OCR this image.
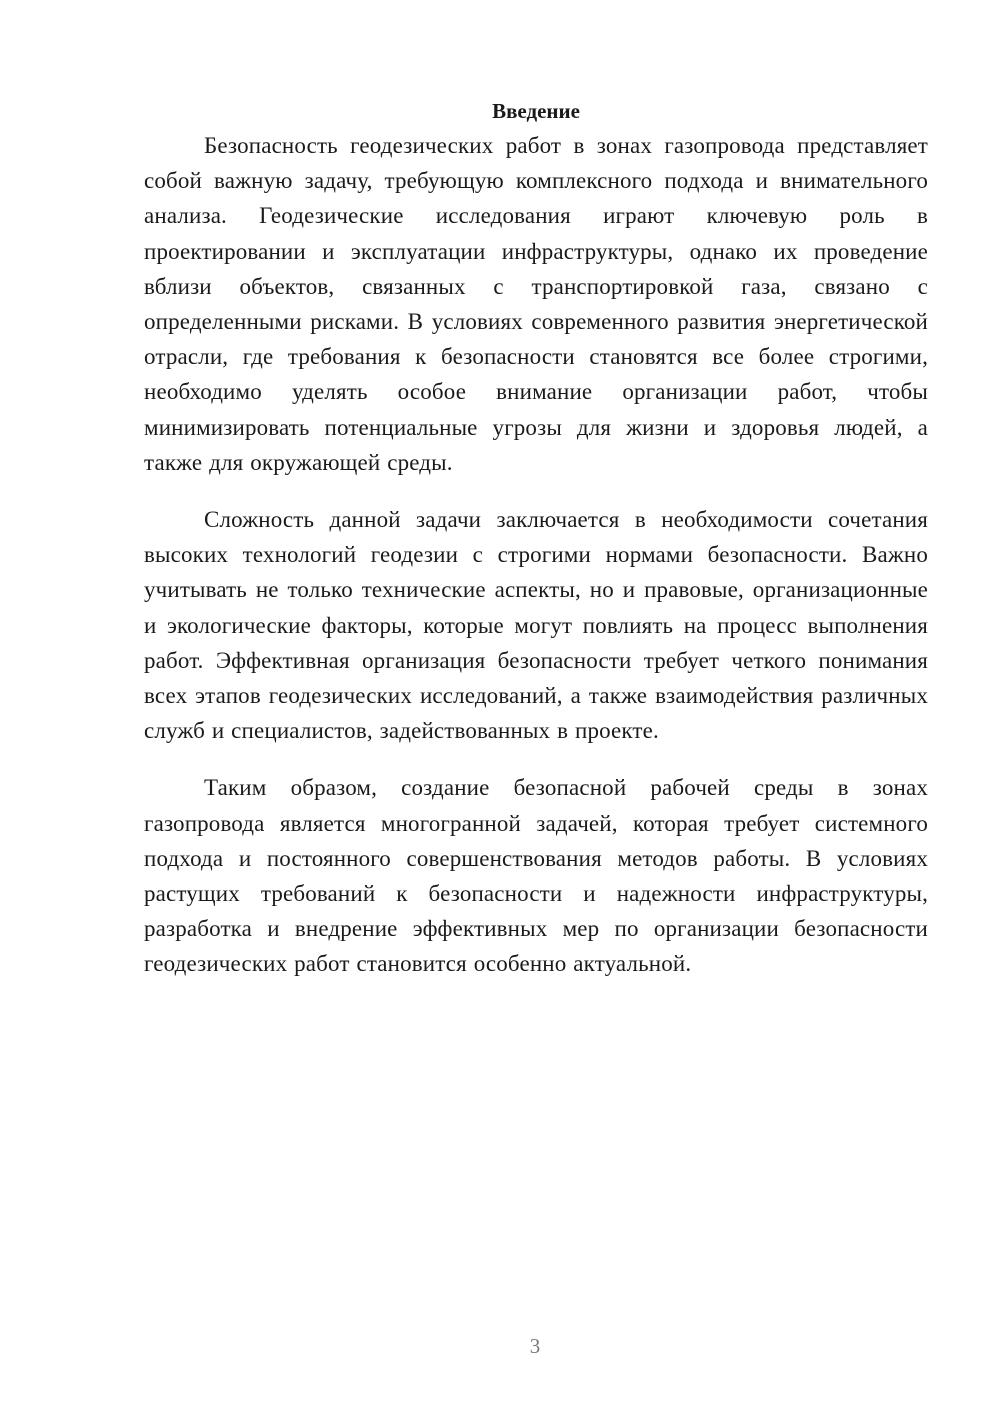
Введение

Безопасность геодезических работ в зонах газопровода представляет собой важную задачу, требующую комплексного подхода и внимательного анализа. Геодезические исследования играют ключевую роль в проектировании и эксплуатации инфраструктуры, однако их проведение вблизи объектов, связанных с транспортировкой газа, связано с определенными рисками. В условиях современного развития энергетической отрасли, где требования к безопасности становятся все более строгими, необходимо уделять особое внимание организации работ, чтобы минимизировать потенциальные угрозы для жизни и здоровья людей, а также для окружающей среды.

Сложность данной задачи заключается в необходимости сочетания высоких технологий геодезии с строгими нормами безопасности. Важно учитывать не только технические аспекты, но и правовые, организационные и экологические факторы, которые могут повлиять на процесс выполнения работ. Эффективная организация безопасности требует четкого понимания всех этапов геодезических исследований, а также взаимодействия различных служб и специалистов, задействованных в проекте.

Таким образом, создание безопасной рабочей среды в зонах газопровода является многогранной задачей, которая требует системного подхода и постоянного совершенствования методов работы. В условиях растущих требований к безопасности и надежности инфраструктуры, разработка и внедрение эффективных мер по организации безопасности геодезических работ становится особенно актуальной.

3
